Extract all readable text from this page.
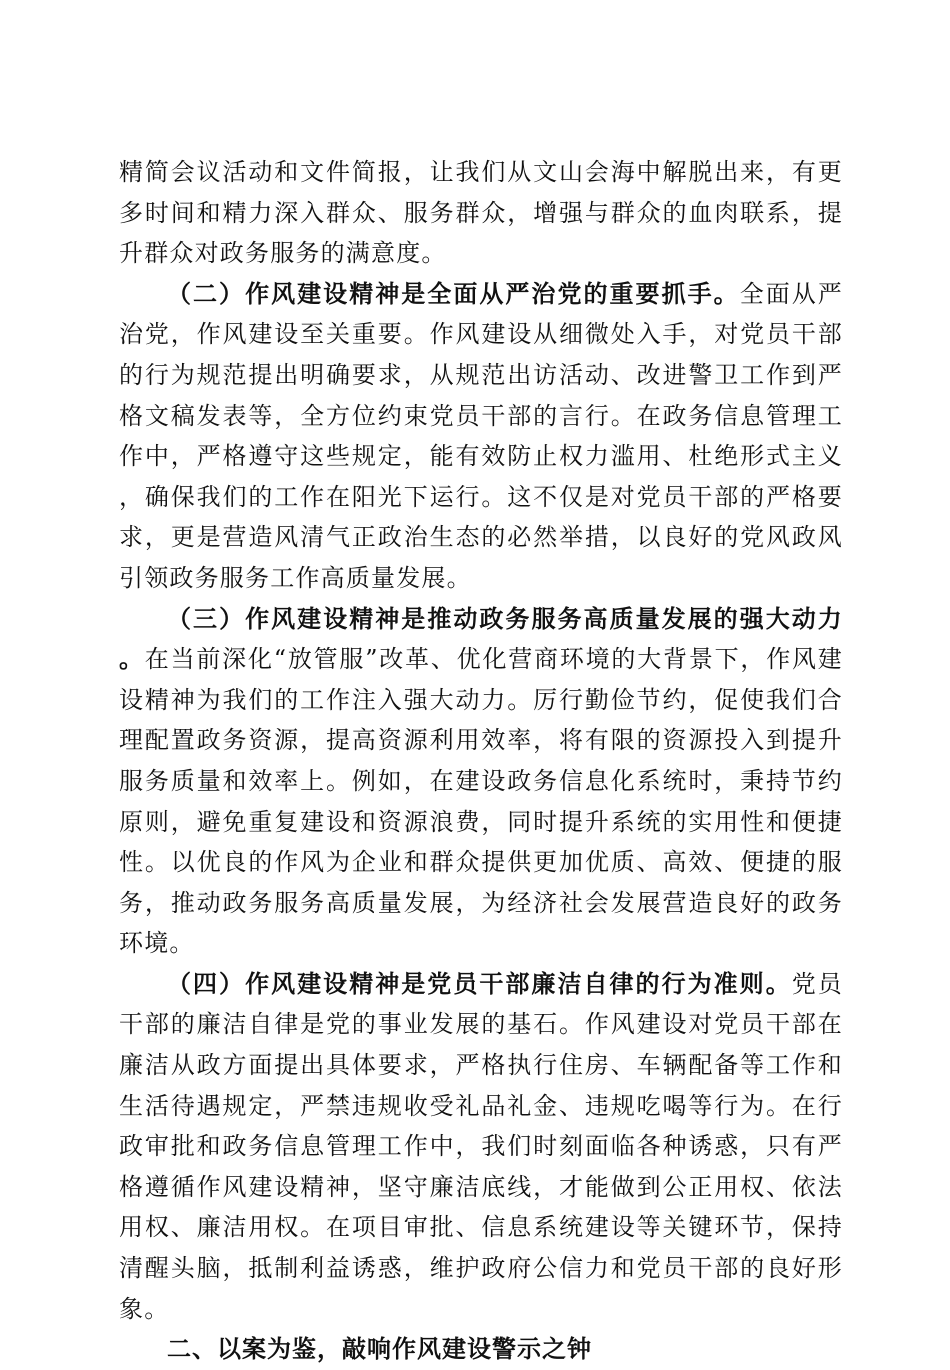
精简会议活动和文件简报，让我们从文山会海中解脱出来，有更多时间和精力深入群众、服务群众，增强与群众的血肉联系，提升群众对政务服务的满意度。

（二）作风建设精神是全面从严治党的重要抓手。全面从严治党，作风建设至关重要。作风建设从细微处入手，对党员干部的行为规范提出明确要求，从规范出访活动、改进警卫工作到严格文稿发表等，全方位约束党员干部的言行。在政务信息管理工作中，严格遵守这些规定，能有效防止权力滥用、杜绝形式主义，确保我们的工作在阳光下运行。这不仅是对党员干部的严格要求，更是营造风清气正政治生态的必然举措，以良好的党风政风引领政务服务工作高质量发展。

（三）作风建设精神是推动政务服务高质量发展的强大动力。在当前深化“放管服”改革、优化营商环境的大背景下，作风建设精神为我们的工作注入强大动力。厉行勤俭节约，促使我们合理配置政务资源，提高资源利用效率，将有限的资源投入到提升服务质量和效率上。例如，在建设政务信息化系统时，秉持节约原则，避免重复建设和资源浪费，同时提升系统的实用性和便捷性。以优良的作风为企业和群众提供更加优质、高效、便捷的服务，推动政务服务高质量发展，为经济社会发展营造良好的政务环境。

（四）作风建设精神是党员干部廉洁自律的行为准则。党员干部的廉洁自律是党的事业发展的基石。作风建设对党员干部在廉洁从政方面提出具体要求，严格执行住房、车辆配备等工作和生活待遇规定，严禁违规收受礼品礼金、违规吃喝等行为。在行政审批和政务信息管理工作中，我们时刻面临各种诱惑，只有严格遵循作风建设精神，坚守廉洁底线，才能做到公正用权、依法用权、廉洁用权。在项目审批、信息系统建设等关键环节，保持清醒头脑，抵制利益诱惑，维护政府公信力和党员干部的良好形象。

二、以案为鉴，敲响作风建设警示之钟
